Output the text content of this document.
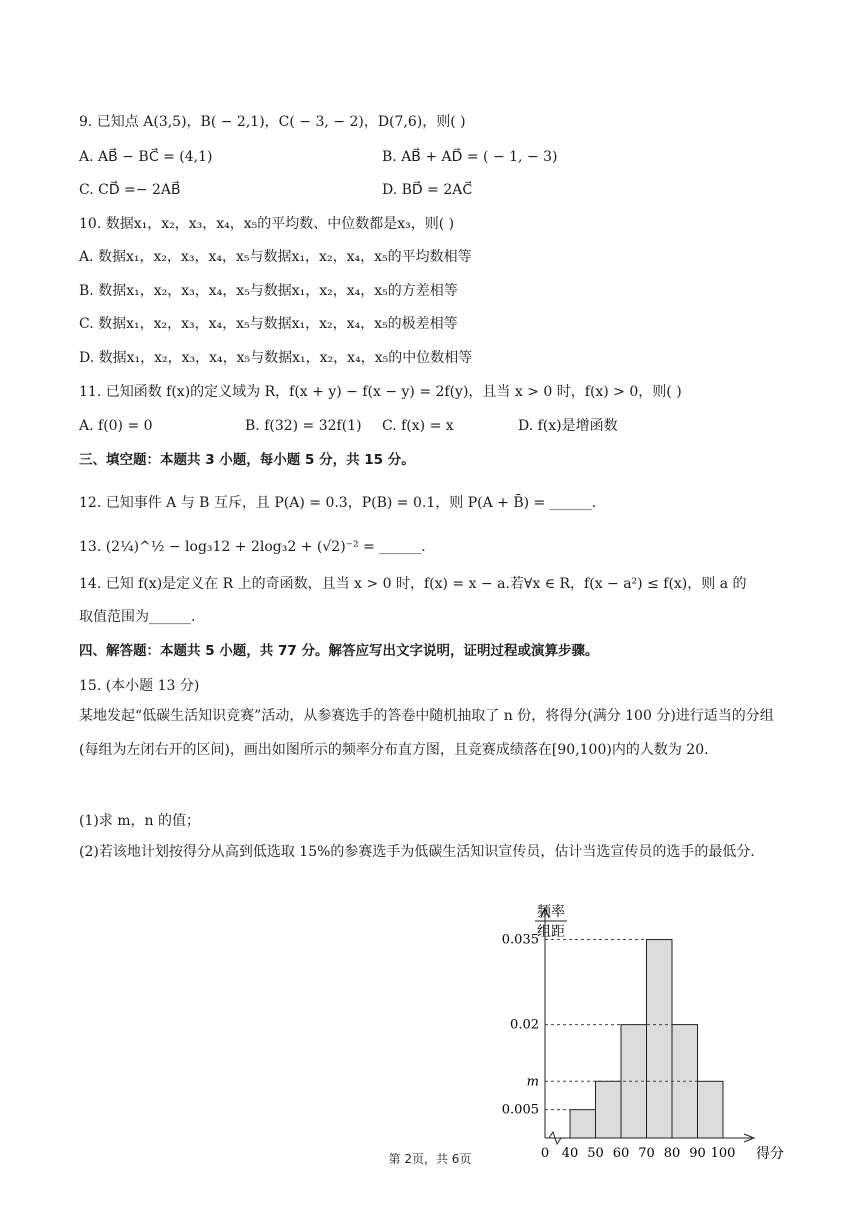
9. 已知点 A(3,5)，B( − 2,1)，C( − 3, − 2)，D(7,6)，则( )
A. AB⃗ − BC⃗ = (4,1)	B. AB⃗ + AD⃗ = ( − 1, − 3)
C. CD⃗ =− 2AB⃗	D. BD⃗ = 2AC⃗
10. 数据x₁，x₂，x₃，x₄，x₅的平均数、中位数都是x₃，则( )
A. 数据x₁，x₂，x₃，x₄，x₅与数据x₁，x₂，x₄，x₅的平均数相等
B. 数据x₁，x₂，x₃，x₄，x₅与数据x₁，x₂，x₄，x₅的方差相等
C. 数据x₁，x₂，x₃，x₄，x₅与数据x₁，x₂，x₄，x₅的极差相等
D. 数据x₁，x₂，x₃，x₄，x₅与数据x₁，x₂，x₄，x₅的中位数相等
11. 已知函数 f(x)的定义域为 R，f(x + y) − f(x − y) = 2f(y)，且当 x > 0 时，f(x) > 0，则( )
A. f(0) = 0	B. f(32) = 32f(1) C. f(x) = x	D. f(x)是增函数
三、填空题：本题共 3 小题，每小题 5 分，共 15 分。
12. 已知事件 A 与 B 互斥，且 P(A) = 0.3，P(B) = 0.1，则 P(A + B̄) = ______.
13. (2¼)^½ − log₃12 + 2log₃2 + (√2)⁻² = ______.
14. 已知 f(x)是定义在 R 上的奇函数，且当 x > 0 时，f(x) = x − a.若∀x ∈ R，f(x − a²) ≤ f(x)，则 a 的
取值范围为______.
四、解答题：本题共 5 小题，共 77 分。解答应写出文字说明，证明过程或演算步骤。
15. (本小题 13 分)
某地发起“低碳生活知识竞赛”活动，从参赛选手的答卷中随机抽取了 n 份，将得分(满分 100 分)进行适当的分组(每组为左闭右开的区间)，画出如图所示的频率分布直方图，且竞赛成绩落在[90,100)内的人数为 20．
(1)求 m，n 的值；
(2)若该地计划按得分从高到低选取 15%的参赛选手为低碳生活知识宣传员，估计当选宣传员的选手的最低分．
0.005
m
0.02
0.035
40 50 60 70 80 90 100
0	得分
频率
组距
第 2页，共 6页
